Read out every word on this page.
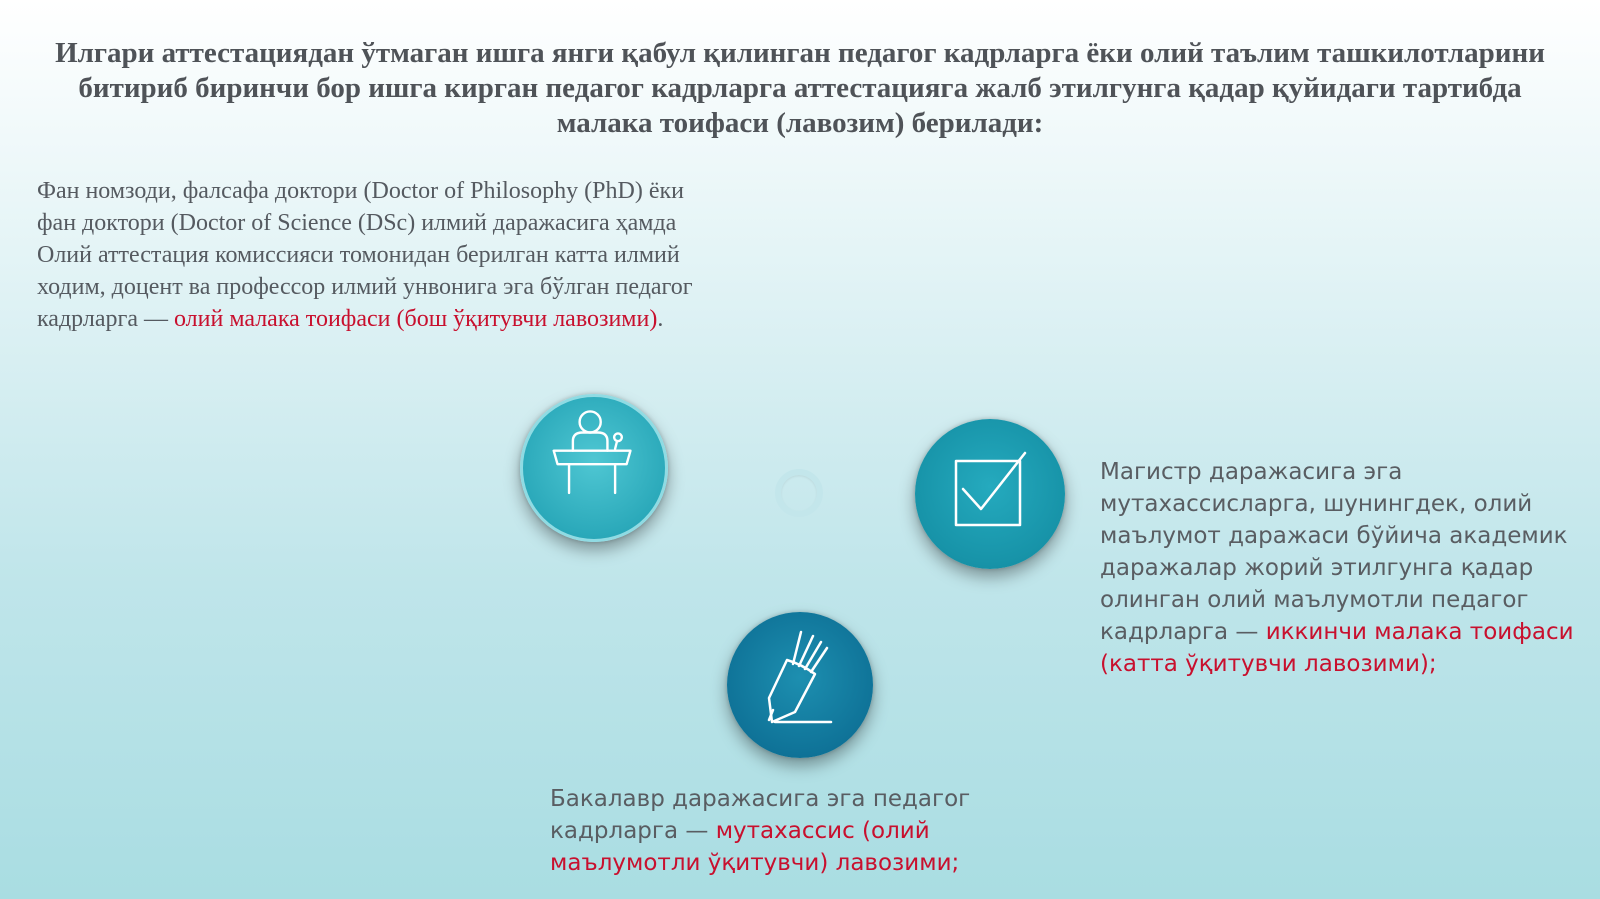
Илгари аттестациядан ўтмаган ишга янги қабул қилинган педагог кадрларга ёки олий таълим ташкилотларини битириб биринчи бор ишга кирган педагог кадрларга аттестацияга жалб этилгунга қадар қуйидаги тартибда малака тоифаси (лавозим) берилади:

Фан номзоди, фалсафа доктори (Doctor of Philosophy (PhD) ёки фан доктори (Doctor of Science (DSc) илмий даражасига ҳамда Олий аттестация комиссияси томонидан берилган катта илмий ходим, доцент ва профессор илмий унвонига эга бўлган педагог кадрларга — олий малака тоифаси (бош ўқитувчи лавозими).

Магистр даражасига эга мутахассисларга, шунингдек, олий маълумот даражаси бўйича академик даражалар жорий этилгунга қадар олинган олий маълумотли педагог кадрларга — иккинчи малака тоифаси (катта ўқитувчи лавозими);

Бакалавр даражасига эга педагог кадрларга — мутахассис (олий маълумотли ўқитувчи) лавозими;
